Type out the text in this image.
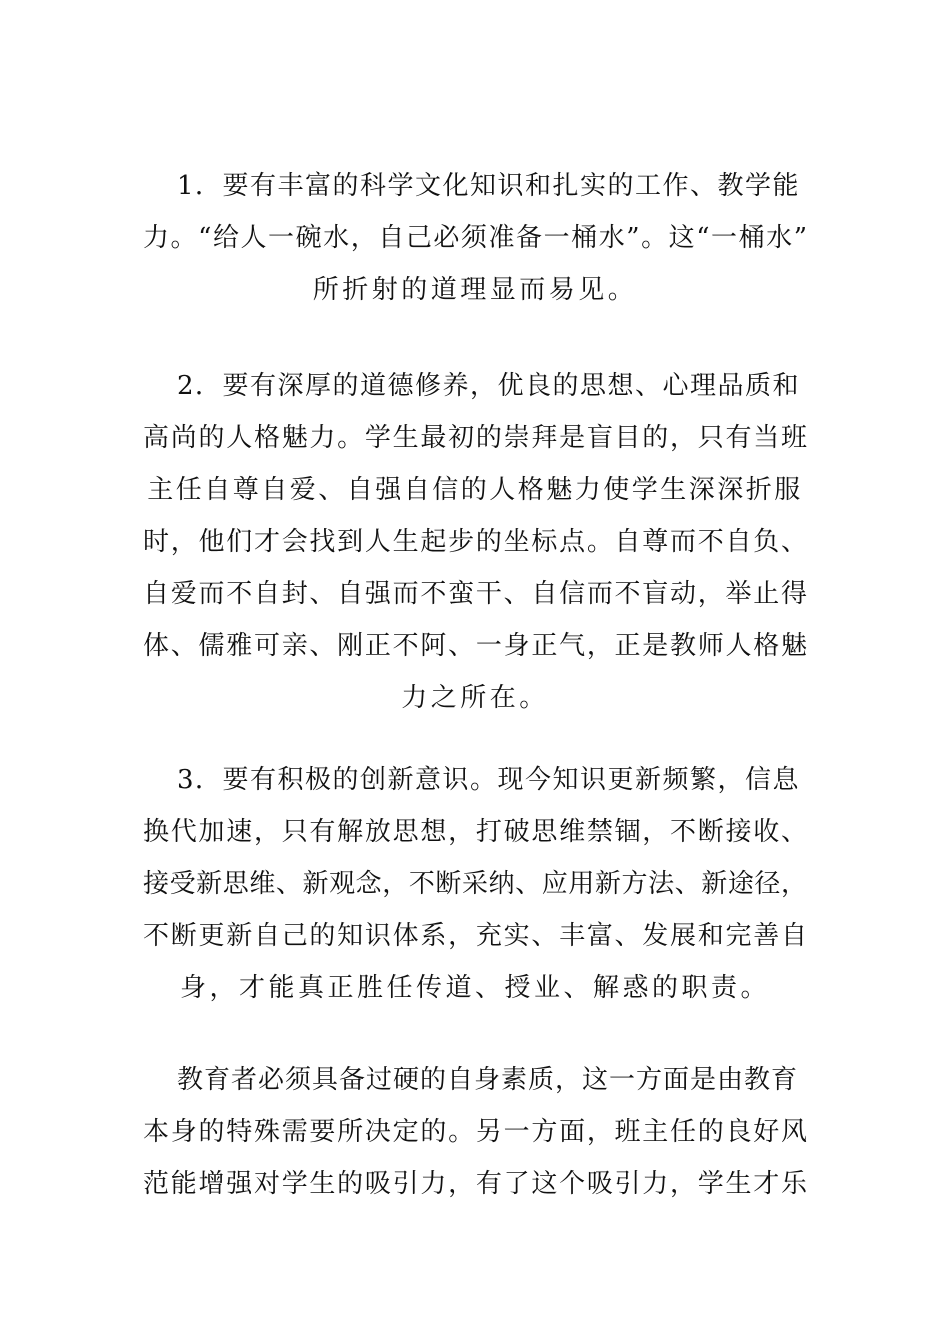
1．要有丰富的科学文化知识和扎实的工作、教学能
力。“给人一碗水，自己必须准备一桶水”。这“一桶水”
所折射的道理显而易见。
2．要有深厚的道德修养，优良的思想、心理品质和
高尚的人格魅力。学生最初的崇拜是盲目的，只有当班
主任自尊自爱、自强自信的人格魅力使学生深深折服
时，他们才会找到人生起步的坐标点。自尊而不自负、
自爱而不自封、自强而不蛮干、自信而不盲动，举止得
体、儒雅可亲、刚正不阿、一身正气，正是教师人格魅
力之所在。
3．要有积极的创新意识。现今知识更新频繁，信息
换代加速，只有解放思想，打破思维禁锢，不断接收、
接受新思维、新观念，不断采纳、应用新方法、新途径，
不断更新自己的知识体系，充实、丰富、发展和完善自
身，才能真正胜任传道、授业、解惑的职责。
教育者必须具备过硬的自身素质，这一方面是由教育
本身的特殊需要所决定的。另一方面，班主任的良好风
范能增强对学生的吸引力，有了这个吸引力，学生才乐
